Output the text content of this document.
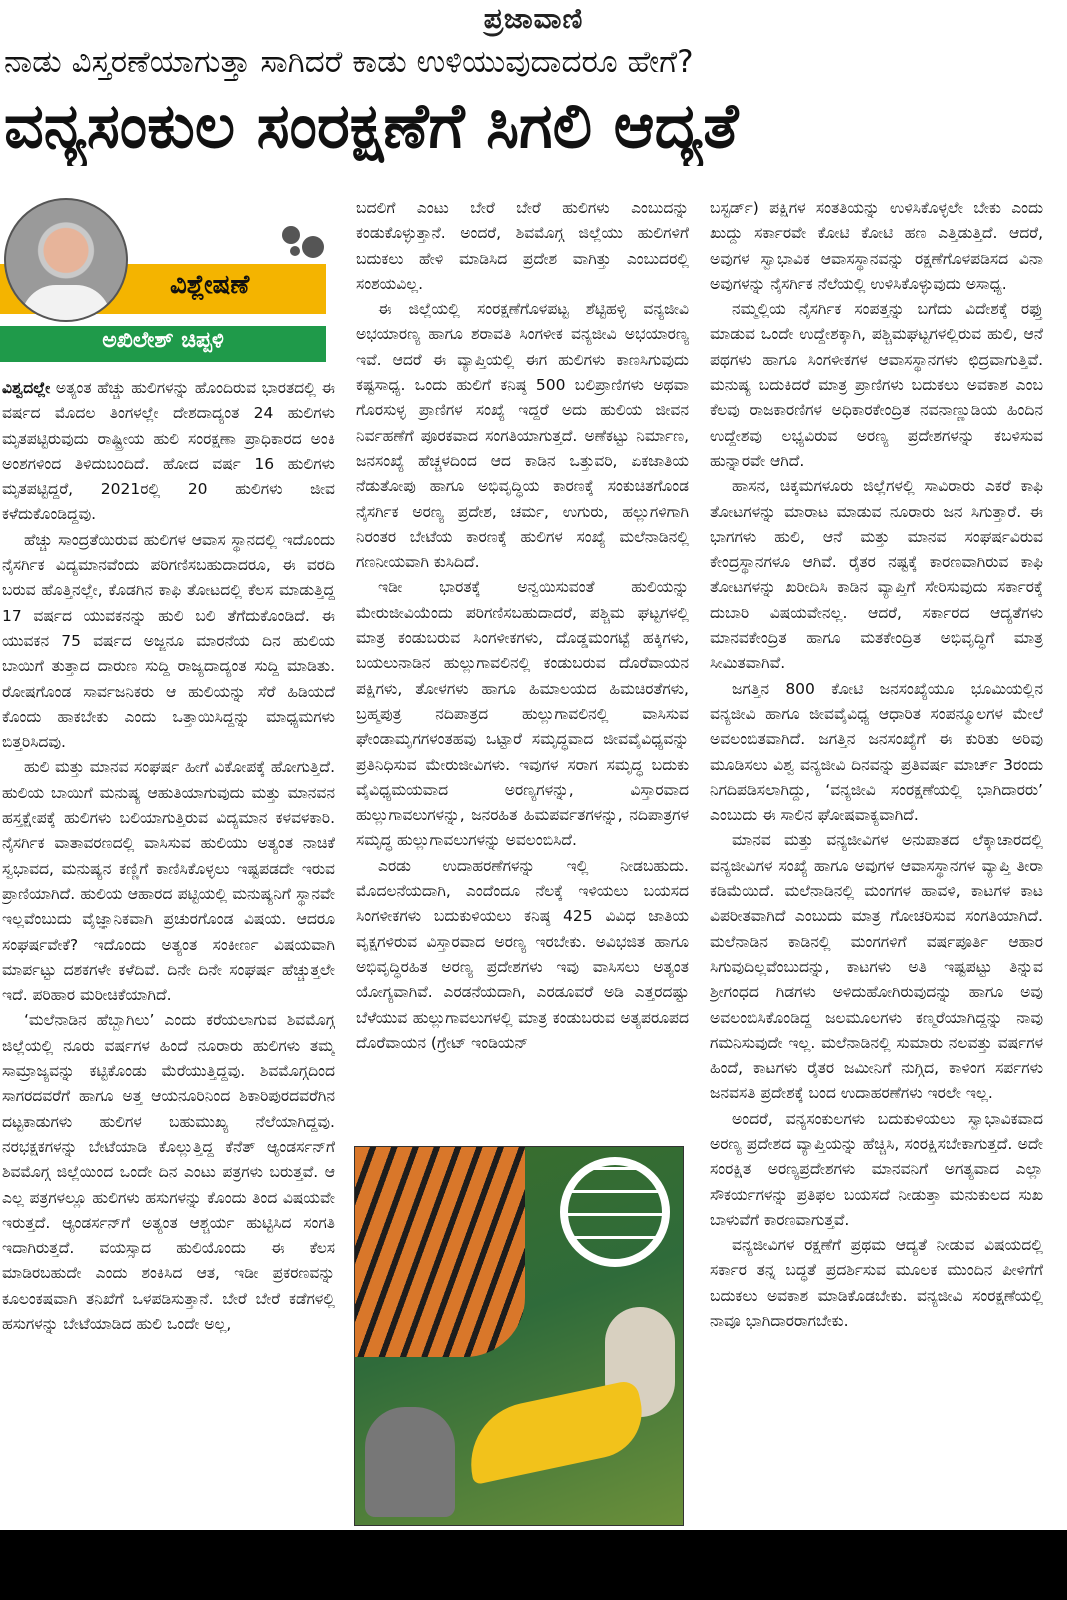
ಪ್ರಜಾವಾಣಿ
ನಾಡು ವಿಸ್ತರಣೆಯಾಗುತ್ತಾ ಸಾಗಿದರೆ ಕಾಡು ಉಳಿಯುವುದಾದರೂ ಹೇಗೆ?
ವನ್ಯಸಂಕುಲ ಸಂರಕ್ಷಣೆಗೆ ಸಿಗಲಿ ಆದ್ಯತೆ
ವಿಶ್ಲೇಷಣೆ
ಅಖಿಲೇಶ್ ಚಿಪ್ಪಳಿ

ವಿಶ್ವದಲ್ಲೇ ಅತ್ಯಂತ ಹೆಚ್ಚು ಹುಲಿಗಳನ್ನು ಹೊಂದಿರುವ ಭಾರತದಲ್ಲಿ ಈ ವರ್ಷದ ಮೊದಲ ತಿಂಗಳಲ್ಲೇ ದೇಶದಾದ್ಯಂತ 24 ಹುಲಿಗಳು ಮೃತಪಟ್ಟಿರುವುದು ರಾಷ್ಟ್ರೀಯ ಹುಲಿ ಸಂರಕ್ಷಣಾ ಪ್ರಾಧಿಕಾರದ ಅಂಕಿ ಅಂಶಗಳಿಂದ ತಿಳಿದುಬಂದಿದೆ. ಹೋದ ವರ್ಷ 16 ಹುಲಿಗಳು ಮೃತಪಟ್ಟಿದ್ದರೆ, 2021ರಲ್ಲಿ 20 ಹುಲಿಗಳು ಜೀವ ಕಳೆದುಕೊಂಡಿದ್ದವು.

ಹೆಚ್ಚು ಸಾಂದ್ರತೆಯಿರುವ ಹುಲಿಗಳ ಆವಾಸ ಸ್ಥಾನದಲ್ಲಿ ಇದೊಂದು ನೈಸರ್ಗಿಕ ವಿದ್ಯಮಾನವೆಂದು ಪರಿಗಣಿಸಬಹುದಾದರೂ, ಈ ವರದಿ ಬರುವ ಹೊತ್ತಿನಲ್ಲೇ, ಕೊಡಗಿನ ಕಾಫಿ ತೋಟದಲ್ಲಿ ಕೆಲಸ ಮಾಡುತ್ತಿದ್ದ 17 ವರ್ಷದ ಯುವಕನನ್ನು ಹುಲಿ ಬಲಿ ತೆಗೆದುಕೊಂಡಿದೆ. ಈ ಯುವಕನ 75 ವರ್ಷದ ಅಜ್ಜನೂ ಮಾರನೆಯ ದಿನ ಹುಲಿಯ ಬಾಯಿಗೆ ತುತ್ತಾದ ದಾರುಣ ಸುದ್ದಿ ರಾಜ್ಯದಾದ್ಯಂತ ಸುದ್ದಿ ಮಾಡಿತು. ರೋಷಗೊಂಡ ಸಾರ್ವಜನಿಕರು ಆ ಹುಲಿಯನ್ನು ಸೆರೆ ಹಿಡಿಯದೆ ಕೊಂದು ಹಾಕಬೇಕು ಎಂದು ಒತ್ತಾಯಿಸಿದ್ದನ್ನು ಮಾಧ್ಯಮಗಳು ಬಿತ್ತರಿಸಿದವು.

ಹುಲಿ ಮತ್ತು ಮಾನವ ಸಂಘರ್ಷ ಹೀಗೆ ವಿಕೋಪಕ್ಕೆ ಹೋಗುತ್ತಿದೆ. ಹುಲಿಯ ಬಾಯಿಗೆ ಮನುಷ್ಯ ಆಹುತಿಯಾಗುವುದು ಮತ್ತು ಮಾನವನ ಹಸ್ತಕ್ಷೇಪಕ್ಕೆ ಹುಲಿಗಳು ಬಲಿಯಾಗುತ್ತಿರುವ ವಿದ್ಯಮಾನ ಕಳವಳಕಾರಿ. ನೈಸರ್ಗಿಕ ವಾತಾವರಣದಲ್ಲಿ ವಾಸಿಸುವ ಹುಲಿಯು ಅತ್ಯಂತ ನಾಚಿಕೆ ಸ್ವಭಾವದ, ಮನುಷ್ಯನ ಕಣ್ಣಿಗೆ ಕಾಣಿಸಿಕೊಳ್ಳಲು ಇಷ್ಟಪಡದೇ ಇರುವ ಪ್ರಾಣಿಯಾಗಿದೆ. ಹುಲಿಯ ಆಹಾರದ ಪಟ್ಟಿಯಲ್ಲಿ ಮನುಷ್ಯನಿಗೆ ಸ್ಥಾನವೇ ಇಲ್ಲವೆಂಬುದು ವೈಜ್ಞಾನಿಕವಾಗಿ ಪ್ರಚುರಗೊಂಡ ವಿಷಯ. ಆದರೂ ಸಂಘರ್ಷವೇಕೆ? ಇದೊಂದು ಅತ್ಯಂತ ಸಂಕೀರ್ಣ ವಿಷಯವಾಗಿ ಮಾರ್ಪಟ್ಟು ದಶಕಗಳೇ ಕಳೆದಿವೆ. ದಿನೇ ದಿನೇ ಸಂಘರ್ಷ ಹೆಚ್ಚುತ್ತಲೇ ಇದೆ. ಪರಿಹಾರ ಮರೀಚಿಕೆಯಾಗಿದೆ.

‘ಮಲೆನಾಡಿನ ಹೆಬ್ಬಾಗಿಲು’ ಎಂದು ಕರೆಯಲಾಗುವ ಶಿವಮೊಗ್ಗ ಜಿಲ್ಲೆಯಲ್ಲಿ ನೂರು ವರ್ಷಗಳ ಹಿಂದೆ ನೂರಾರು ಹುಲಿಗಳು ತಮ್ಮ ಸಾಮ್ರಾಜ್ಯವನ್ನು ಕಟ್ಟಿಕೊಂಡು ಮೆರೆಯುತ್ತಿದ್ದವು. ಶಿವಮೊಗ್ಗದಿಂದ ಸಾಗರದವರೆಗೆ ಹಾಗೂ ಅತ್ತ ಆಯನೂರಿನಿಂದ ಶಿಕಾರಿಪುರದವರೆಗಿನ ದಟ್ಟಕಾಡುಗಳು ಹುಲಿಗಳ ಬಹುಮುಖ್ಯ ನೆಲೆಯಾಗಿದ್ದವು. ನರಭಕ್ಷಕಗಳನ್ನು ಬೇಟೆಯಾಡಿ ಕೊಲ್ಲುತ್ತಿದ್ದ ಕೆನೆತ್ ಆ್ಯಂಡರ್ಸನ್‌ಗೆ ಶಿವಮೊಗ್ಗ ಜಿಲ್ಲೆಯಿಂದ ಒಂದೇ ದಿನ ಎಂಟು ಪತ್ರಗಳು ಬರುತ್ತವೆ. ಆ ಎಲ್ಲ ಪತ್ರಗಳಲ್ಲೂ ಹುಲಿಗಳು ಹಸುಗಳನ್ನು ಕೊಂದು ತಿಂದ ವಿಷಯವೇ ಇರುತ್ತದೆ. ಆ್ಯಂಡರ್ಸನ್‌ಗೆ ಅತ್ಯಂತ ಆಶ್ಚರ್ಯ ಹುಟ್ಟಿಸಿದ ಸಂಗತಿ ಇದಾಗಿರುತ್ತದೆ. ವಯಸ್ಸಾದ ಹುಲಿಯೊಂದು ಈ ಕೆಲಸ ಮಾಡಿರಬಹುದೇ ಎಂದು ಶಂಕಿಸಿದ ಆತ, ಇಡೀ ಪ್ರಕರಣವನ್ನು ಕೂಲಂಕಷವಾಗಿ ತನಿಖೆಗೆ ಒಳಪಡಿಸುತ್ತಾನೆ. ಬೇರೆ ಬೇರೆ ಕಡೆಗಳಲ್ಲಿ ಹಸುಗಳನ್ನು ಬೇಟೆಯಾಡಿದ ಹುಲಿ ಒಂದೇ ಅಲ್ಲ,

ಬದಲಿಗೆ ಎಂಟು ಬೇರೆ ಬೇರೆ ಹುಲಿಗಳು ಎಂಬುದನ್ನು ಕಂಡುಕೊಳ್ಳುತ್ತಾನೆ. ಅಂದರೆ, ಶಿವಮೊಗ್ಗ ಜಿಲ್ಲೆಯು ಹುಲಿಗಳಿಗೆ ಬದುಕಲು ಹೇಳಿ ಮಾಡಿಸಿದ ಪ್ರದೇಶ ವಾಗಿತ್ತು ಎಂಬುದರಲ್ಲಿ ಸಂಶಯವಿಲ್ಲ.

ಈ ಜಿಲ್ಲೆಯಲ್ಲಿ ಸಂರಕ್ಷಣೆಗೊಳಪಟ್ಟ ಶೆಟ್ಟಿಹಳ್ಳಿ ವನ್ಯಜೀವಿ ಅಭಯಾರಣ್ಯ ಹಾಗೂ ಶರಾವತಿ ಸಿಂಗಳೀಕ ವನ್ಯಜೀವಿ ಅಭಯಾರಣ್ಯ ಇವೆ. ಆದರೆ ಈ ವ್ಯಾಪ್ತಿಯಲ್ಲಿ ಈಗ ಹುಲಿಗಳು ಕಾಣಸಿಗುವುದು ಕಷ್ಟಸಾಧ್ಯ. ಒಂದು ಹುಲಿಗೆ ಕನಿಷ್ಠ 500 ಬಲಿಪ್ರಾಣಿಗಳು ಅಥವಾ ಗೊರಸುಳ್ಳ ಪ್ರಾಣಿಗಳ ಸಂಖ್ಯೆ ಇದ್ದರೆ ಅದು ಹುಲಿಯ ಜೀವನ ನಿರ್ವಹಣೆಗೆ ಪೂರಕವಾದ ಸಂಗತಿಯಾಗುತ್ತದೆ. ಅಣೆಕಟ್ಟು ನಿರ್ಮಾಣ, ಜನಸಂಖ್ಯೆ ಹೆಚ್ಚಳದಿಂದ ಆದ ಕಾಡಿನ ಒತ್ತುವರಿ, ಏಕಜಾತಿಯ ನೆಡುತೋಪು ಹಾಗೂ ಅಭಿವೃದ್ಧಿಯ ಕಾರಣಕ್ಕೆ ಸಂಕುಚಿತಗೊಂಡ ನೈಸರ್ಗಿಕ ಅರಣ್ಯ ಪ್ರದೇಶ, ಚರ್ಮ, ಉಗುರು, ಹಲ್ಲುಗಳಿಗಾಗಿ ನಿರಂತರ ಬೇಟೆಯ ಕಾರಣಕ್ಕೆ ಹುಲಿಗಳ ಸಂಖ್ಯೆ ಮಲೆನಾಡಿನಲ್ಲಿ ಗಣನೀಯವಾಗಿ ಕುಸಿದಿದೆ.

ಇಡೀ ಭಾರತಕ್ಕೆ ಅನ್ವಯಿಸುವಂತೆ ಹುಲಿಯನ್ನು ಮೇರುಜೀವಿಯೆಂದು ಪರಿಗಣಿಸಬಹುದಾದರೆ, ಪಶ್ಚಿಮ ಘಟ್ಟಗಳಲ್ಲಿ ಮಾತ್ರ ಕಂಡುಬರುವ ಸಿಂಗಳೀಕಗಳು, ದೊಡ್ಡಮಂಗಟ್ಟೆ ಹಕ್ಕಿಗಳು, ಬಯಲುನಾಡಿನ ಹುಲ್ಲುಗಾವಲಿನಲ್ಲಿ ಕಂಡುಬರುವ ದೊರೆವಾಯನ ಪಕ್ಷಿಗಳು, ತೋಳಗಳು ಹಾಗೂ ಹಿಮಾಲಯದ ಹಿಮಚಿರತೆಗಳು, ಬ್ರಹ್ಮಪುತ್ರ ನದಿಪಾತ್ರದ ಹುಲ್ಲುಗಾವಲಿನಲ್ಲಿ ವಾಸಿಸುವ ಘೇಂಡಾಮೃಗಗಳಂತಹವು ಒಟ್ಟಾರೆ ಸಮೃದ್ಧವಾದ ಜೀವವೈವಿಧ್ಯವನ್ನು ಪ್ರತಿನಿಧಿಸುವ ಮೇರುಜೀವಿಗಳು. ಇವುಗಳ ಸರಾಗ ಸಮೃದ್ಧ ಬದುಕು ವೈವಿಧ್ಯಮಯವಾದ ಅರಣ್ಯಗಳನ್ನು, ವಿಸ್ತಾರವಾದ ಹುಲ್ಲುಗಾವಲುಗಳನ್ನು, ಜನರಹಿತ ಹಿಮಪರ್ವತಗಳನ್ನು, ನದಿಪಾತ್ರಗಳ ಸಮೃದ್ಧ ಹುಲ್ಲುಗಾವಲುಗಳನ್ನು ಅವಲಂಬಿಸಿದೆ.

ಎರಡು ಉದಾಹರಣೆಗಳನ್ನು ಇಲ್ಲಿ ನೀಡಬಹುದು. ಮೊದಲನೆಯದಾಗಿ, ಎಂದೆಂದೂ ನೆಲಕ್ಕೆ ಇಳಿಯಲು ಬಯಸದ ಸಿಂಗಳೀಕಗಳು ಬದುಕುಳಿಯಲು ಕನಿಷ್ಠ 425 ವಿವಿಧ ಜಾತಿಯ ವೃಕ್ಷಗಳಿರುವ ವಿಸ್ತಾರವಾದ ಅರಣ್ಯ ಇರಬೇಕು. ಅವಿಭಜಿತ ಹಾಗೂ ಅಭಿವೃದ್ಧಿರಹಿತ ಅರಣ್ಯ ಪ್ರದೇಶಗಳು ಇವು ವಾಸಿಸಲು ಅತ್ಯಂತ ಯೋಗ್ಯವಾಗಿವೆ. ಎರಡನೆಯದಾಗಿ, ಎರಡೂವರೆ ಅಡಿ ಎತ್ತರದಷ್ಟು ಬೆಳೆಯುವ ಹುಲ್ಲುಗಾವಲುಗಳಲ್ಲಿ ಮಾತ್ರ ಕಂಡುಬರುವ ಅತ್ಯಪರೂಪದ ದೊರೆವಾಯನ (ಗ್ರೇಟ್ ಇಂಡಿಯನ್

ಬಸ್ಟರ್ಡ್) ಪಕ್ಷಿಗಳ ಸಂತತಿಯನ್ನು ಉಳಿಸಿಕೊಳ್ಳಲೇ ಬೇಕು ಎಂದು ಖುದ್ದು ಸರ್ಕಾರವೇ ಕೋಟಿ ಕೋಟಿ ಹಣ ಎತ್ತಿಡುತ್ತಿದೆ. ಆದರೆ, ಅವುಗಳ ಸ್ವಾಭಾವಿಕ ಆವಾಸಸ್ಥಾನವನ್ನು ರಕ್ಷಣೆಗೊಳಪಡಿಸದ ವಿನಾ ಅವುಗಳನ್ನು ನೈಸರ್ಗಿಕ ನೆಲೆಯಲ್ಲಿ ಉಳಿಸಿಕೊಳ್ಳುವುದು ಅಸಾಧ್ಯ.

ನಮ್ಮಲ್ಲಿಯ ನೈಸರ್ಗಿಕ ಸಂಪತ್ತನ್ನು ಬಗೆದು ವಿದೇಶಕ್ಕೆ ರಫ್ತು ಮಾಡುವ ಒಂದೇ ಉದ್ದೇಶಕ್ಕಾಗಿ, ಪಶ್ಚಿಮಘಟ್ಟಗಳಲ್ಲಿರುವ ಹುಲಿ, ಆನೆ ಪಥಗಳು ಹಾಗೂ ಸಿಂಗಳೀಕಗಳ ಆವಾಸಸ್ಥಾನಗಳು ಛಿದ್ರವಾಗುತ್ತಿವೆ. ಮನುಷ್ಯ ಬದುಕಿದರೆ ಮಾತ್ರ ಪ್ರಾಣಿಗಳು ಬದುಕಲು ಅವಕಾಶ ಎಂಬ ಕೆಲವು ರಾಜಕಾರಣಿಗಳ ಅಧಿಕಾರಕೇಂದ್ರಿತ ನವನಾಣ್ಣುಡಿಯ ಹಿಂದಿನ ಉದ್ದೇಶವು ಲಭ್ಯವಿರುವ ಅರಣ್ಯ ಪ್ರದೇಶಗಳನ್ನು ಕಬಳಿಸುವ ಹುನ್ನಾರವೇ ಆಗಿದೆ.

ಹಾಸನ, ಚಿಕ್ಕಮಗಳೂರು ಜಿಲ್ಲೆಗಳಲ್ಲಿ ಸಾವಿರಾರು ಎಕರೆ ಕಾಫಿ ತೋಟಗಳನ್ನು ಮಾರಾಟ ಮಾಡುವ ನೂರಾರು ಜನ ಸಿಗುತ್ತಾರೆ. ಈ ಭಾಗಗಳು ಹುಲಿ, ಆನೆ ಮತ್ತು ಮಾನವ ಸಂಘರ್ಷವಿರುವ ಕೇಂದ್ರಸ್ಥಾನಗಳೂ ಆಗಿವೆ. ರೈತರ ನಷ್ಟಕ್ಕೆ ಕಾರಣವಾಗಿರುವ ಕಾಫಿ ತೋಟಗಳನ್ನು ಖರೀದಿಸಿ ಕಾಡಿನ ವ್ಯಾಪ್ತಿಗೆ ಸೇರಿಸುವುದು ಸರ್ಕಾರಕ್ಕೆ ದುಬಾರಿ ವಿಷಯವೇನಲ್ಲ. ಆದರೆ, ಸರ್ಕಾರದ ಆದ್ಯತೆಗಳು ಮಾನವಕೇಂದ್ರಿತ ಹಾಗೂ ಮತಕೇಂದ್ರಿತ ಅಭಿವೃದ್ಧಿಗೆ ಮಾತ್ರ ಸೀಮಿತವಾಗಿವೆ.

ಜಗತ್ತಿನ 800 ಕೋಟಿ ಜನಸಂಖ್ಯೆಯೂ ಭೂಮಿಯಲ್ಲಿನ ವನ್ಯಜೀವಿ ಹಾಗೂ ಜೀವವೈವಿಧ್ಯ ಆಧಾರಿತ ಸಂಪನ್ಮೂಲಗಳ ಮೇಲೆ ಅವಲಂಬಿತವಾಗಿದೆ. ಜಗತ್ತಿನ ಜನಸಂಖ್ಯೆಗೆ ಈ ಕುರಿತು ಅರಿವು ಮೂಡಿಸಲು ವಿಶ್ವ ವನ್ಯಜೀವಿ ದಿನವನ್ನು ಪ್ರತಿವರ್ಷ ಮಾರ್ಚ್ 3ರಂದು ನಿಗದಿಪಡಿಸಲಾಗಿದ್ದು, ‘ವನ್ಯಜೀವಿ ಸಂರಕ್ಷಣೆಯಲ್ಲಿ ಭಾಗಿದಾರರು’ ಎಂಬುದು ಈ ಸಾಲಿನ ಘೋಷವಾಕ್ಯವಾಗಿದೆ.

ಮಾನವ ಮತ್ತು ವನ್ಯಜೀವಿಗಳ ಅನುಪಾತದ ಲೆಕ್ಕಾಚಾರದಲ್ಲಿ ವನ್ಯಜೀವಿಗಳ ಸಂಖ್ಯೆ ಹಾಗೂ ಅವುಗಳ ಆವಾಸಸ್ಥಾನಗಳ ವ್ಯಾಪ್ತಿ ತೀರಾ ಕಡಿಮೆಯಿದೆ. ಮಲೆನಾಡಿನಲ್ಲಿ ಮಂಗಗಳ ಹಾವಳಿ, ಕಾಟಗಳ ಕಾಟ ವಿಪರೀತವಾಗಿದೆ ಎಂಬುದು ಮಾತ್ರ ಗೋಚರಿಸುವ ಸಂಗತಿಯಾಗಿದೆ. ಮಲೆನಾಡಿನ ಕಾಡಿನಲ್ಲಿ ಮಂಗಗಳಿಗೆ ವರ್ಷಪೂರ್ತಿ ಆಹಾರ ಸಿಗುವುದಿಲ್ಲವೆಂಬುದನ್ನು, ಕಾಟಗಳು ಅತಿ ಇಷ್ಟಪಟ್ಟು ತಿನ್ನುವ ಶ್ರೀಗಂಧದ ಗಿಡಗಳು ಅಳಿದುಹೋಗಿರುವುದನ್ನು ಹಾಗೂ ಅವು ಅವಲಂಬಿಸಿಕೊಂಡಿದ್ದ ಜಲಮೂಲಗಳು ಕಣ್ಮರೆಯಾಗಿದ್ದನ್ನು ನಾವು ಗಮನಿಸುವುದೇ ಇಲ್ಲ. ಮಲೆನಾಡಿನಲ್ಲಿ ಸುಮಾರು ನಲವತ್ತು ವರ್ಷಗಳ ಹಿಂದೆ, ಕಾಟಗಳು ರೈತರ ಜಮೀನಿಗೆ ನುಗ್ಗಿದ, ಕಾಳಿಂಗ ಸರ್ಪಗಳು ಜನವಸತಿ ಪ್ರದೇಶಕ್ಕೆ ಬಂದ ಉದಾಹರಣೆಗಳು ಇರಲೇ ಇಲ್ಲ.

ಅಂದರೆ, ವನ್ಯಸಂಕುಲಗಳು ಬದುಕುಳಿಯಲು ಸ್ವಾಭಾವಿಕವಾದ ಅರಣ್ಯ ಪ್ರದೇಶದ ವ್ಯಾಪ್ತಿಯನ್ನು ಹೆಚ್ಚಿಸಿ, ಸಂರಕ್ಷಿಸಬೇಕಾಗುತ್ತದೆ. ಅದೇ ಸಂರಕ್ಷಿತ ಅರಣ್ಯಪ್ರದೇಶಗಳು ಮಾನವನಿಗೆ ಅಗತ್ಯವಾದ ಎಲ್ಲಾ ಸೌಕರ್ಯಗಳನ್ನು ಪ್ರತಿಫಲ ಬಯಸದೆ ನೀಡುತ್ತಾ ಮನುಕುಲದ ಸುಖ ಬಾಳುವೆಗೆ ಕಾರಣವಾಗುತ್ತವೆ.

ವನ್ಯಜೀವಿಗಳ ರಕ್ಷಣೆಗೆ ಪ್ರಥಮ ಆದ್ಯತೆ ನೀಡುವ ವಿಷಯದಲ್ಲಿ ಸರ್ಕಾರ ತನ್ನ ಬದ್ಧತೆ ಪ್ರದರ್ಶಿಸುವ ಮೂಲಕ ಮುಂದಿನ ಪೀಳಿಗೆಗೆ ಬದುಕಲು ಅವಕಾಶ ಮಾಡಿಕೊಡಬೇಕು. ವನ್ಯಜೀವಿ ಸಂರಕ್ಷಣೆಯಲ್ಲಿ ನಾವೂ ಭಾಗಿದಾರರಾಗಬೇಕು.
